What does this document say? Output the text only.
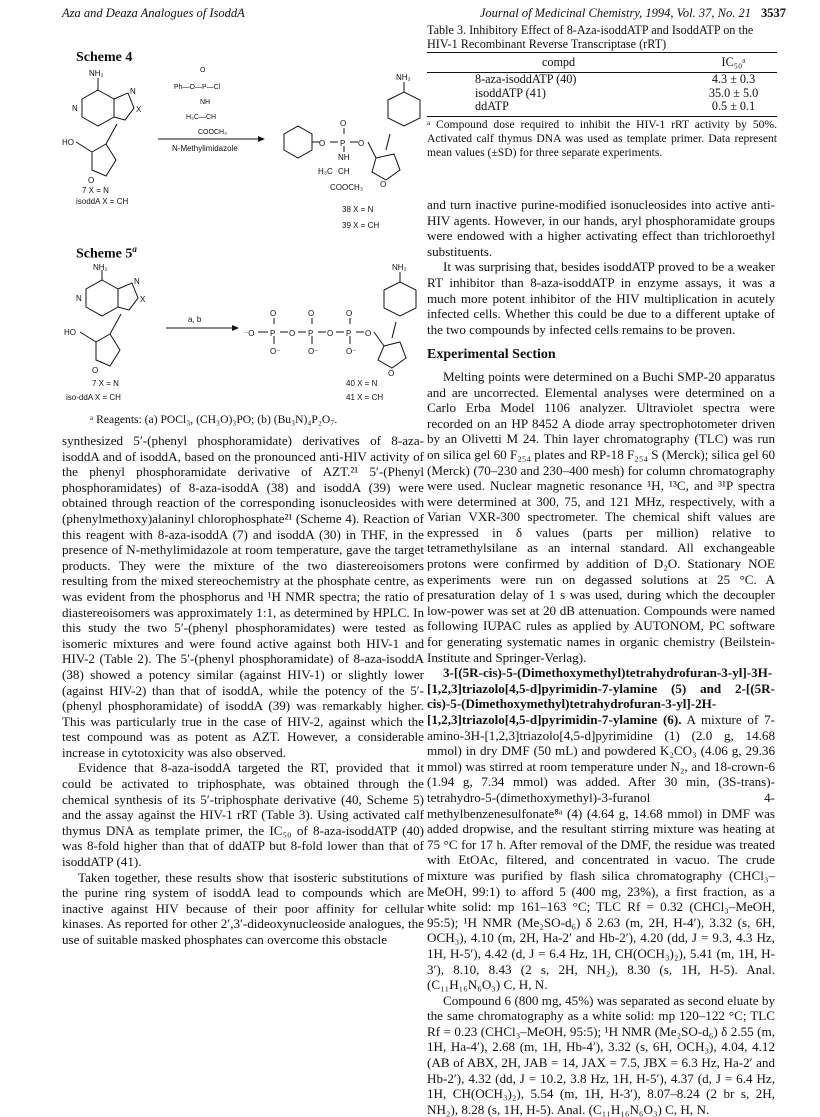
Aza and Deaza Analogues of IsoddA	Journal of Medicinal Chemistry, 1994, Vol. 37, No. 21 3537
Scheme 4
NH₂
N
N
X
HO
O
7 X = N
isoddA X = CH
O
Ph—O—P—Cl
NH
H₃C—CH
COOCH₃
N-Methylimidazole
O
O
P O
NH
H₃C CH
COOCH₃
NH₂
O
38 X = N
39 X = CH
Scheme 5$^a$
NH₂
N
N
X
HO
O
a, b
⁻O
O
P
O⁻
O
O
P
O⁻
O
O
P
O⁻
O
NH₂
O
7 X = N
iso-ddA X = CH
40 X = N
41 X = CH
ᵃ Reagents: (a) POCl₃, (CH₃O)₃PO; (b) (Bu₃N)₄P₂O₇.

synthesized 5′-(phenyl phosphoramidate) derivatives of 8-aza-isoddA and of isoddA, based on the pronounced anti-HIV activity of the phenyl phosphoramidate derivative of AZT.²¹ 5′-(Phenyl phosphoramidates) of 8-aza-isoddA (38) and isoddA (39) were obtained through reaction of the corresponding isonucleosides with (phenylmethoxy)alaninyl chlorophosphate²¹ (Scheme 4). Reaction of this reagent with 8-aza-isoddA (7) and isoddA (30) in THF, in the presence of N-methylimidazole at room temperature, gave the target products. They were the mixture of the two diastereoisomers resulting from the mixed stereochemistry at the phosphate centre, as was evident from the phosphorus and ¹H NMR spectra; the ratio of diastereoisomers was approximately 1:1, as determined by HPLC. In this study the two 5′-(phenyl phosphoramidates) were tested as isomeric mixtures and were found active against both HIV-1 and HIV-2 (Table 2). The 5′-(phenyl phosphoramidate) of 8-aza-isoddA (38) showed a potency similar (against HIV-1) or slightly lower (against HIV-2) than that of isoddA, while the potency of the 5′-(phenyl phosphoramidate) of isoddA (39) was remarkably higher. This was particularly true in the case of HIV-2, against which the test compound was as potent as AZT. However, a considerable increase in cytotoxicity was also observed.

Evidence that 8-aza-isoddA targeted the RT, provided that it could be activated to triphosphate, was obtained through the chemical synthesis of its 5′-triphosphate derivative (40, Scheme 5) and the assay against the HIV-1 rRT (Table 3). Using activated calf thymus DNA as template primer, the IC₅₀ of 8-aza-isoddATP (40) was 8-fold higher than that of ddATP but 8-fold lower than that of isoddATP (41).

Taken together, these results show that isosteric substitutions of the purine ring system of isoddA lead to compounds which are inactive against HIV because of their poor affinity for cellular kinases. As reported for other 2′,3′-dideoxynucleoside analogues, the use of suitable masked phosphates can overcome this obstacle

Table 3. Inhibitory Effect of 8-Aza-isoddATP and IsoddATP on the HIV-1 Recombinant Reverse Transcriptase (rRT)
compd	IC₅₀ᵃ
8-aza-isoddATP (40)	4.3 ± 0.3
isoddATP (41)	35.0 ± 5.0
ddATP	0.5 ± 0.1
ᵃ Compound dose required to inhibit the HIV-1 rRT activity by 50%. Activated calf thymus DNA was used as template primer. Data represent mean values (±SD) for three separate experiments.

and turn inactive purine-modified isonucleosides into active anti-HIV agents. However, in our hands, aryl phosphoramidate groups were endowed with a higher activating effect than trichloroethyl substituents.

It was surprising that, besides isoddATP proved to be a weaker RT inhibitor than 8-aza-isoddATP in enzyme assays, it was a much more potent inhibitor of the HIV multiplication in acutely infected cells. Whether this could be due to a different uptake of the two compounds by infected cells remains to be proven.

Experimental Section

Melting points were determined on a Buchi SMP-20 apparatus and are uncorrected. Elemental analyses were determined on a Carlo Erba Model 1106 analyzer. Ultraviolet spectra were recorded on an HP 8452 A diode array spectrophotometer driven by an Olivetti M 24. Thin layer chromatography (TLC) was run on silica gel 60 F₂₅₄ plates and RP-18 F₂₅₄ S (Merck); silica gel 60 (Merck) (70–230 and 230–400 mesh) for column chromatography were used. Nuclear magnetic resonance ¹H, ¹³C, and ³¹P spectra were determined at 300, 75, and 121 MHz, respectively, with a Varian VXR-300 spectrometer. The chemical shift values are expressed in δ values (parts per million) relative to tetramethylsilane as an internal standard. All exchangeable protons were confirmed by addition of D₂O. Stationary NOE experiments were run on degassed solutions at 25 °C. A presaturation delay of 1 s was used, during which the decoupler low-power was set at 20 dB attenuation. Compounds were named following IUPAC rules as applied by AUTONOM, PC software for generating systematic names in organic chemistry (Beilstein-Institute and Springer-Verlag).

3-[(5R-cis)-5-(Dimethoxymethyl)tetrahydrofuran-3-yl]-3H-[1,2,3]triazolo[4,5-d]pyrimidin-7-ylamine (5) and 2-[(5R-cis)-5-(Dimethoxymethyl)tetrahydrofuran-3-yl]-2H-[1,2,3]triazolo[4,5-d]pyrimidin-7-ylamine (6). A mixture of 7-amino-3H-[1,2,3]triazolo[4,5-d]pyrimidine (1) (2.0 g, 14.68 mmol) in dry DMF (50 mL) and powdered K₂CO₃ (4.06 g, 29.36 mmol) was stirred at room temperature under N₂, and 18-crown-6 (1.94 g, 7.34 mmol) was added. After 30 min, (3S-trans)-tetrahydro-5-(dimethoxymethyl)-3-furanol 4-methylbenzenesulfonate⁸ᵃ (4) (4.64 g, 14.68 mmol) in DMF was added dropwise, and the resultant stirring mixture was heating at 75 °C for 17 h. After removal of the DMF, the residue was treated with EtOAc, filtered, and concentrated in vacuo. The crude mixture was purified by flash silica chromatography (CHCl₃–MeOH, 99:1) to afford 5 (400 mg, 23%), a first fraction, as a white solid: mp 161–163 °C; TLC Rf = 0.32 (CHCl₃–MeOH, 95:5); ¹H NMR (Me₂SO-d₆) δ 2.63 (m, 2H, H-4′), 3.32 (s, 6H, OCH₃), 4.10 (m, 2H, Ha-2′ and Hb-2′), 4.20 (dd, J = 9.3, 4.3 Hz, 1H, H-5′), 4.42 (d, J = 6.4 Hz, 1H, CH(OCH₃)₂), 5.41 (m, 1H, H-3′), 8.10, 8.43 (2 s, 2H, NH₂), 8.30 (s, 1H, H-5). Anal. (C₁₁H₁₆N₆O₃) C, H, N.

Compound 6 (800 mg, 45%) was separated as second eluate by the same chromatography as a white solid: mp 120–122 °C; TLC Rf = 0.23 (CHCl₃–MeOH, 95:5); ¹H NMR (Me₂SO-d₆) δ 2.55 (m, 1H, Ha-4′), 2.68 (m, 1H, Hb-4′), 3.32 (s, 6H, OCH₃), 4.04, 4.12 (AB of ABX, 2H, JAB = 14, JAX = 7.5, JBX = 6.3 Hz, Ha-2′ and Hb-2′), 4.32 (dd, J = 10.2, 3.8 Hz, 1H, H-5′), 4.37 (d, J = 6.4 Hz, 1H, CH(OCH₃)₂), 5.54 (m, 1H, H-3′), 8.07–8.24 (2 br s, 2H, NH₂), 8.28 (s, 1H, H-5). Anal. (C₁₁H₁₆N₆O₃) C, H, N.
